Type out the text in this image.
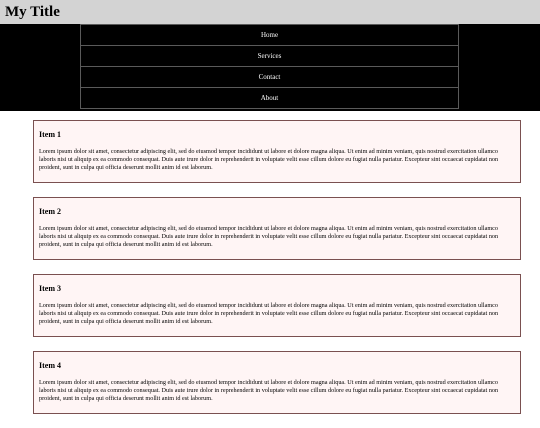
My Title
Home
Services
Contact
About
Item 1

Lorem ipsum dolor sit amet, consectetur adipiscing elit, sed do eiusmod tempor incididunt ut labore et dolore magna aliqua. Ut enim ad minim veniam, quis nostrud exercitation ullamco laboris nisi ut aliquip ex ea commodo consequat. Duis aute irure dolor in reprehenderit in voluptate velit esse cillum dolore eu fugiat nulla pariatur. Excepteur sint occaecat cupidatat non proident, sunt in culpa qui officia deserunt mollit anim id est laborum.

Item 2

Lorem ipsum dolor sit amet, consectetur adipiscing elit, sed do eiusmod tempor incididunt ut labore et dolore magna aliqua. Ut enim ad minim veniam, quis nostrud exercitation ullamco laboris nisi ut aliquip ex ea commodo consequat. Duis aute irure dolor in reprehenderit in voluptate velit esse cillum dolore eu fugiat nulla pariatur. Excepteur sint occaecat cupidatat non proident, sunt in culpa qui officia deserunt mollit anim id est laborum.

Item 3

Lorem ipsum dolor sit amet, consectetur adipiscing elit, sed do eiusmod tempor incididunt ut labore et dolore magna aliqua. Ut enim ad minim veniam, quis nostrud exercitation ullamco laboris nisi ut aliquip ex ea commodo consequat. Duis aute irure dolor in reprehenderit in voluptate velit esse cillum dolore eu fugiat nulla pariatur. Excepteur sint occaecat cupidatat non proident, sunt in culpa qui officia deserunt mollit anim id est laborum.

Item 4

Lorem ipsum dolor sit amet, consectetur adipiscing elit, sed do eiusmod tempor incididunt ut labore et dolore magna aliqua. Ut enim ad minim veniam, quis nostrud exercitation ullamco laboris nisi ut aliquip ex ea commodo consequat. Duis aute irure dolor in reprehenderit in voluptate velit esse cillum dolore eu fugiat nulla pariatur. Excepteur sint occaecat cupidatat non proident, sunt in culpa qui officia deserunt mollit anim id est laborum.
